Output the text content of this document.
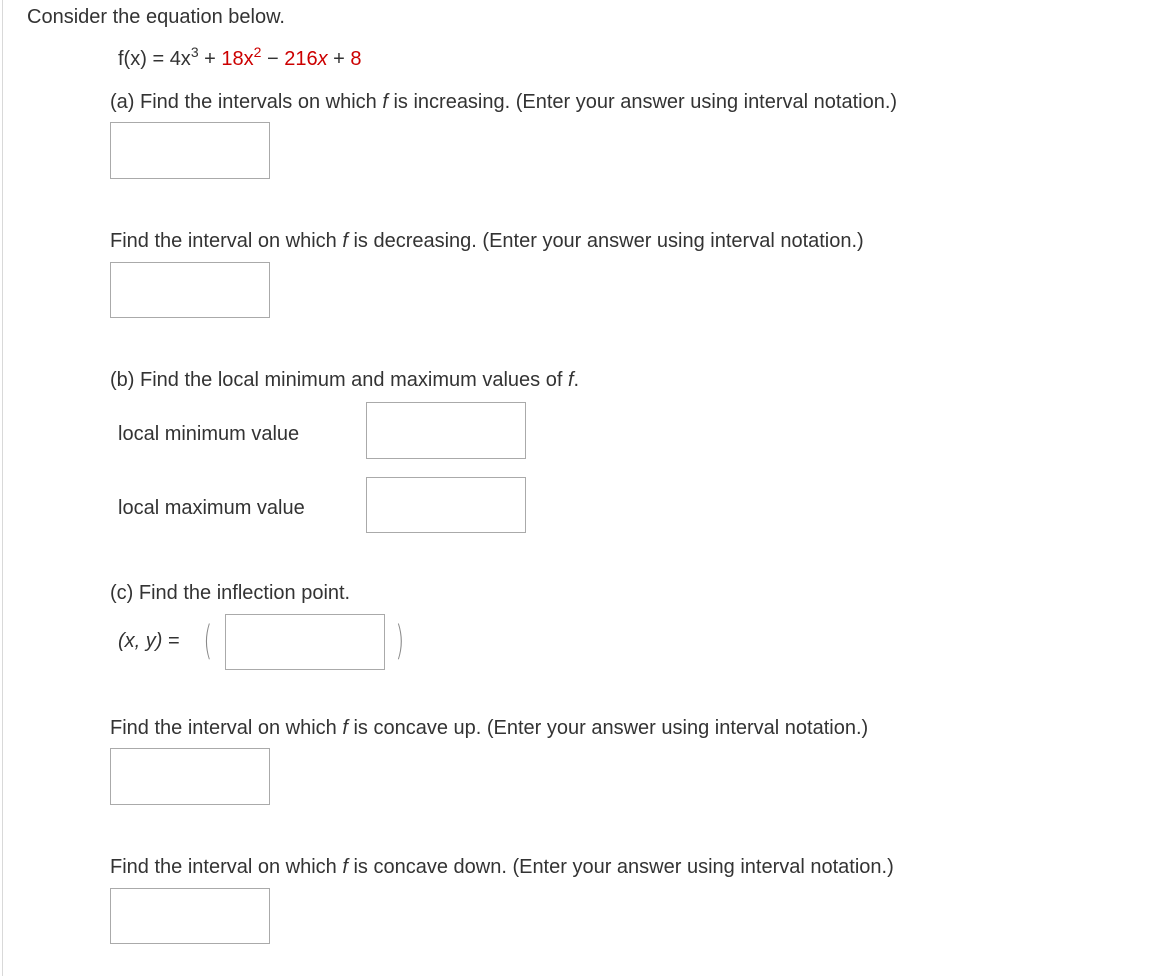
Consider the equation below.
$f(x) = 4x^3 + 18x^2 - 216x + 8$
(a) Find the intervals on which f is increasing. (Enter your answer using interval notation.)
Find the interval on which f is decreasing. (Enter your answer using interval notation.)
(b) Find the local minimum and maximum values of f.
local minimum value
local maximum value
(c) Find the inflection point.
(x, y) = (	)
Find the interval on which f is concave up. (Enter your answer using interval notation.)
Find the interval on which f is concave down. (Enter your answer using interval notation.)
